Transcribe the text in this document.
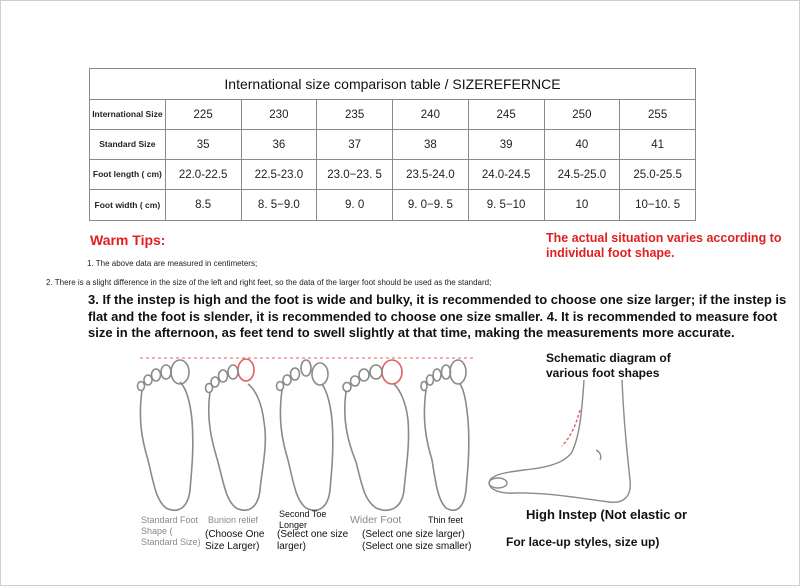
International size comparison table / SIZEREFERNCE							
International Size	225	230	235	240	245	250	255
Standard Size	35	36	37	38	39	40	41
Foot length ( cm)	22.0-22.5	22.5-23.0	23.0−23. 5	23.5-24.0	24.0-24.5	24.5-25.0	25.0-25.5
Foot width ( cm)	8.5	8. 5−9.0	9. 0	9. 0−9. 5	9. 5−10	10	10−10. 5
Warm Tips:	The actual situation varies according to individual foot shape.
1. The above data are measured in centimeters;
2. There is a slight difference in the size of the left and right feet, so the data of the larger foot should be used as the standard;
3. If the instep is high and the foot is wide and bulky, it is recommended to choose one size larger; if the instep is flat and the foot is slender, it is recommended to choose one size smaller. 4. It is recommended to measure foot size in the afternoon, as feet tend to swell slightly at that time, making the measurements more accurate.
Standard Foot Shape ( Standard Size)
Bunion relief
(Choose One Size Larger)
Second Toe Longer	Wider Foot
(Select one size larger)
Thin feet
(Select one size larger) (Select one size smaller)
Schematic diagram of various foot shapes
High Instep (Not elastic or
For lace-up styles, size up)
